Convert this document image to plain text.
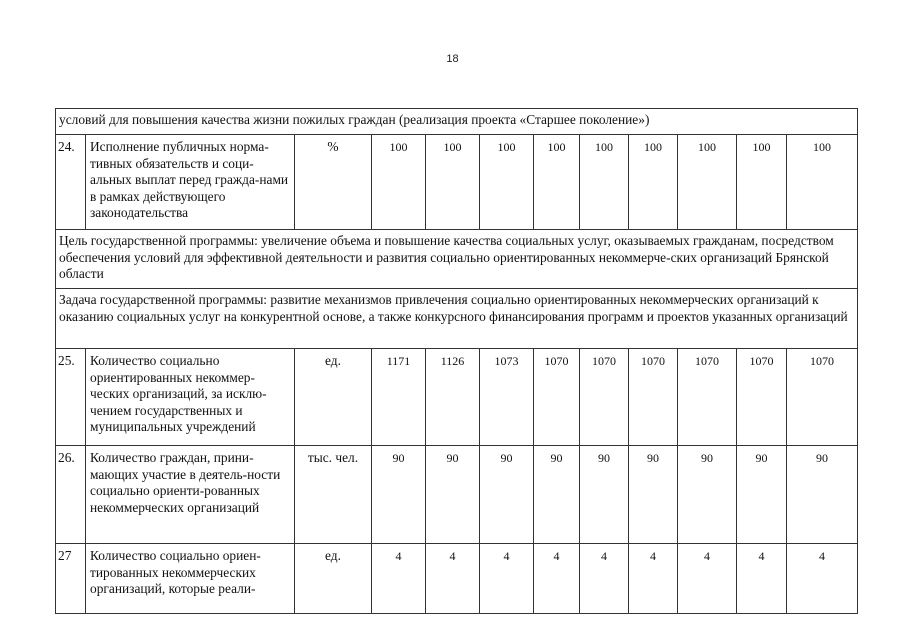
18
условий для повышения качества жизни пожилых граждан (реализация проекта «Старшее поколение»)											
24.	Исполнение публичных норма-тивных обязательств и соци-альных выплат перед гражда-нами в рамках действующего законодательства	%	100	100	100	100	100	100	100	100	100
Цель государственной программы: увеличение объема и повышение качества социальных услуг, оказываемых гражданам, посредством обеспечения условий для эффективной деятельности и развития социально ориентированных некоммерче-ских организаций Брянской области											
Задача государственной программы: развитие механизмов привлечения социально ориентированных некоммерческих организаций к оказанию социальных услуг на конкурентной основе, а также конкурсного финансирования программ и проектов указанных организаций											
25.	Количество социально ориентированных некоммер-ческих организаций, за исклю-чением государственных и муниципальных учреждений	ед.	1171	1126	1073	1070	1070	1070	1070	1070	1070
26.	Количество граждан, прини-мающих участие в деятель-ности социально ориенти-рованных некоммерческих организаций	тыс. чел.	90	90	90	90	90	90	90	90	90
27	Количество социально ориен-тированных некоммерческих организаций, которые реали-	ед.	4	4	4	4	4	4	4	4	4
